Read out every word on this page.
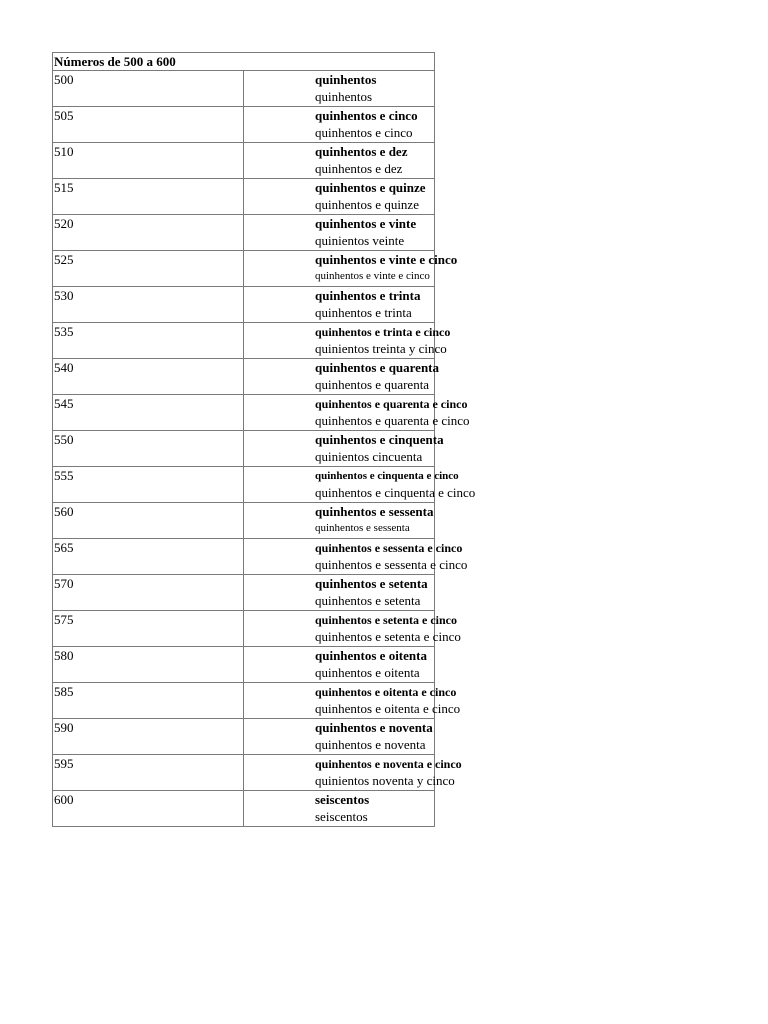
Números de 500 a 600	
500	quinhentos
quinhentos

505	quinhentos e cinco
quinhentos e cinco

510	quinhentos e dez
quinhentos e dez

515	quinhentos e quinze
quinhentos e quinze

520	quinhentos e vinte
quinientos veinte

525	quinhentos e vinte e cinco
quinhentos e vinte e cinco

530	quinhentos e trinta
quinhentos e trinta

535	quinhentos e trinta e cinco
quinientos treinta y cinco

540	quinhentos e quarenta
quinhentos e quarenta

545	quinhentos e quarenta e cinco
quinhentos e quarenta e cinco

550	quinhentos e cinquenta
quinientos cincuenta

555	quinhentos e cinquenta e cinco
quinhentos e cinquenta e cinco

560	quinhentos e sessenta
quinhentos e sessenta

565	quinhentos e sessenta e cinco
quinhentos e sessenta e cinco

570	quinhentos e setenta
quinhentos e setenta

575	quinhentos e setenta e cinco
quinhentos e setenta e cinco

580	quinhentos e oitenta
quinhentos e oitenta

585	quinhentos e oitenta e cinco
quinhentos e oitenta e cinco

590	quinhentos e noventa
quinhentos e noventa

595	quinhentos e noventa e cinco
quinientos noventa y cinco

600	seiscentos
seiscentos
